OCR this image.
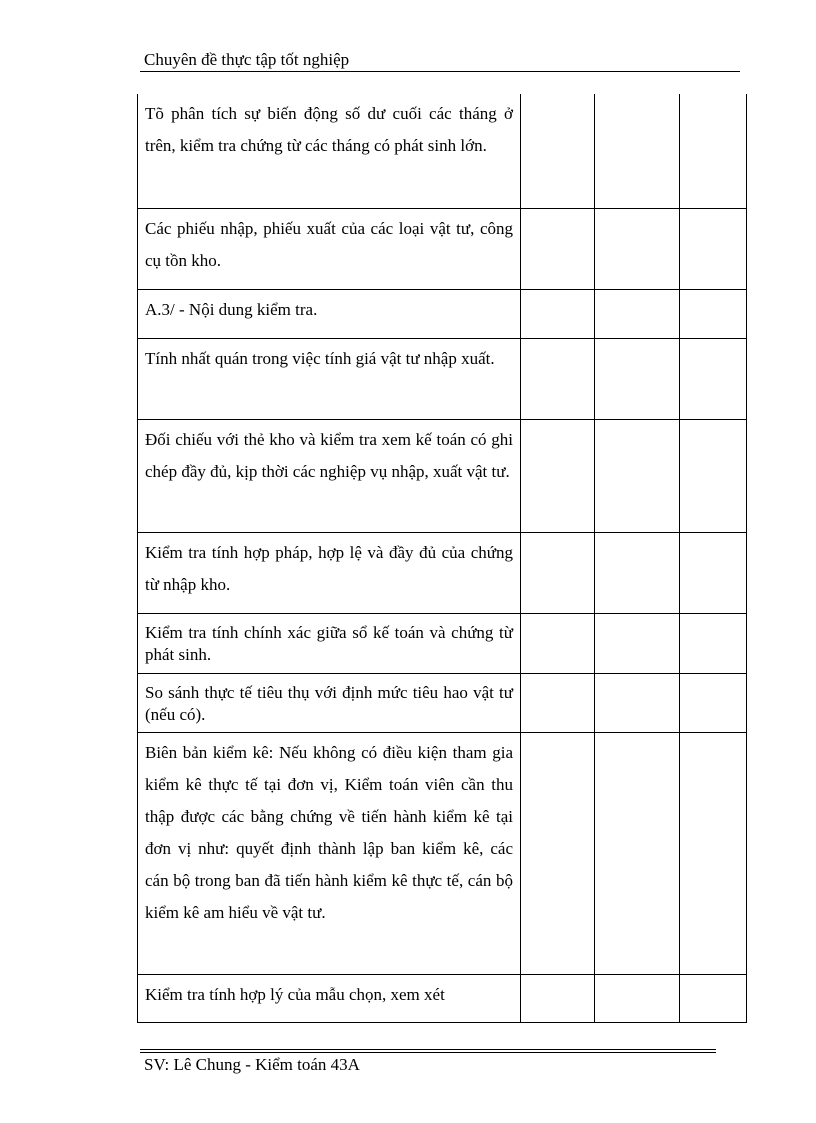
Chuyên đề thực tập tốt nghiệp
Tõ phân tích sự biến động số dư cuối các tháng ở trên, kiểm tra chứng từ các tháng có phát sinh lớn.			

Các phiếu nhập, phiếu xuất của các loại vật tư, công cụ tồn kho.			

A.3/ - Nội dung kiểm tra.			

Tính nhất quán trong việc tính giá vật tư nhập xuất.			

Đối chiếu với thẻ kho và kiểm tra xem kế toán có ghi chép đầy đủ, kịp thời các nghiệp vụ nhập, xuất vật tư.			

Kiểm tra tính hợp pháp, hợp lệ và đầy đủ của chứng từ nhập kho.			

Kiểm tra tính chính xác giữa sổ kế toán và chứng từ phát sinh.			

So sánh thực tế tiêu thụ với định mức tiêu hao vật tư (nếu có).			

Biên bản kiểm kê: Nếu không có điều kiện tham gia kiểm kê thực tế tại đơn vị, Kiểm toán viên cần thu thập được các bằng chứng về tiến hành kiểm kê tại đơn vị như: quyết định thành lập ban kiểm kê, các cán bộ trong ban đã tiến hành kiểm kê thực tế, cán bộ kiểm kê am hiểu về vật tư.			

Kiểm tra tính hợp lý của mẫu chọn, xem xét			

SV: Lê Chung - Kiểm toán 43A
